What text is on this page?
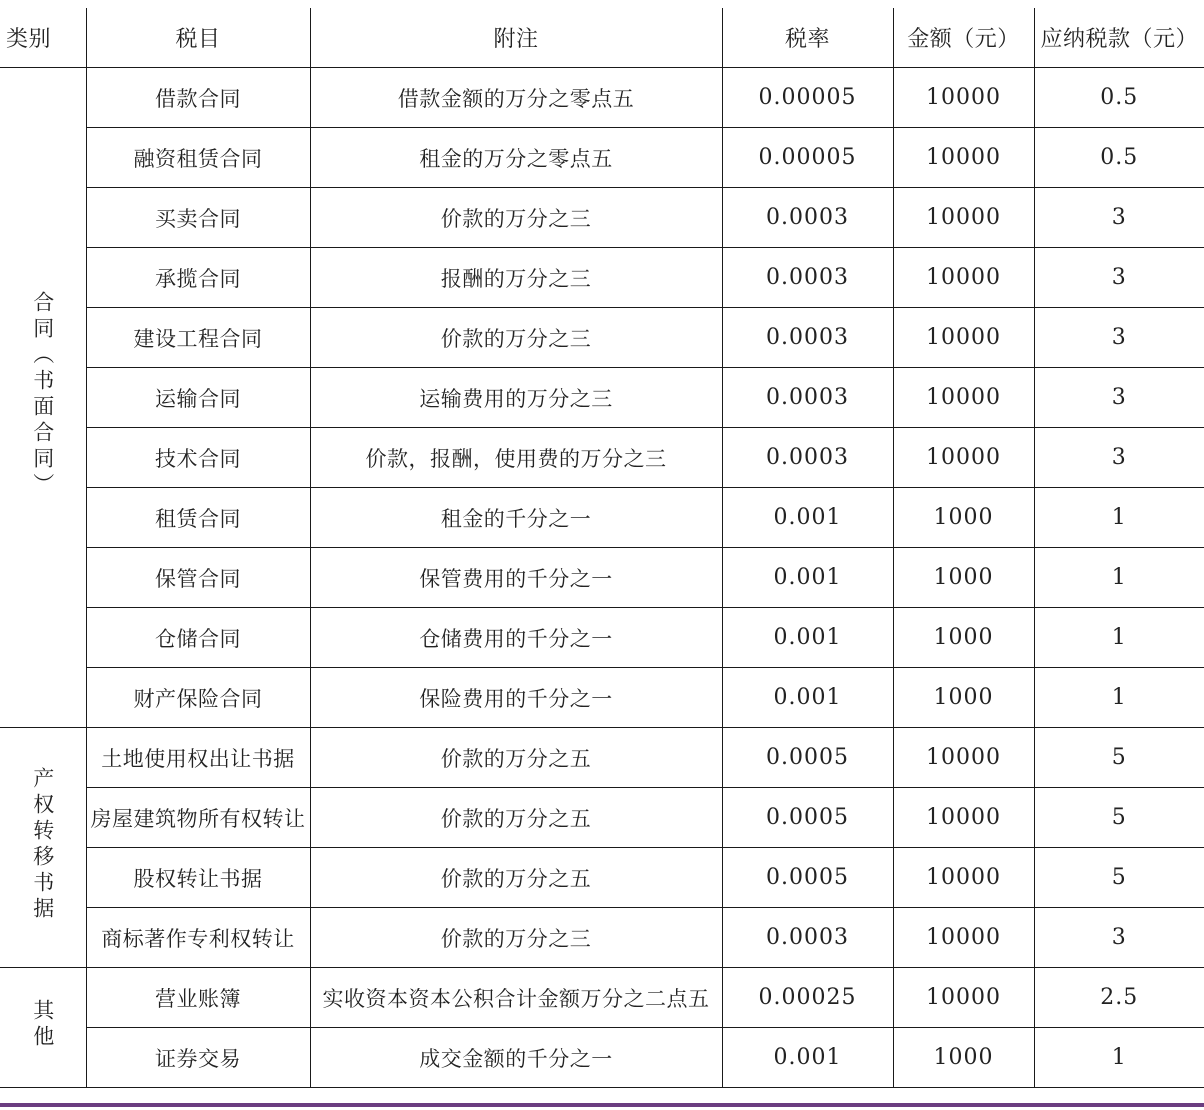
类别	税目	附注	税率	金额（元）	应纳税款（元）
合同（书面合同）	借款合同	借款金额的万分之零点五	0.00005	10000	0.5
	融资租赁合同	租金的万分之零点五	0.00005	10000	0.5
	买卖合同	价款的万分之三	0.0003	10000	3
	承揽合同	报酬的万分之三	0.0003	10000	3
	建设工程合同	价款的万分之三	0.0003	10000	3
	运输合同	运输费用的万分之三	0.0003	10000	3
	技术合同	价款，报酬，使用费的万分之三	0.0003	10000	3
	租赁合同	租金的千分之一	0.001	1000	1
	保管合同	保管费用的千分之一	0.001	1000	1
	仓储合同	仓储费用的千分之一	0.001	1000	1
	财产保险合同	保险费用的千分之一	0.001	1000	1
产权转移书据	土地使用权出让书据	价款的万分之五	0.0005	10000	5
	房屋建筑物所有权转让	价款的万分之五	0.0005	10000	5
	股权转让书据	价款的万分之五	0.0005	10000	5
	商标著作专利权转让	价款的万分之三	0.0003	10000	3
其他	营业账簿	实收资本资本公积合计金额万分之二点五	0.00025	10000	2.5
	证券交易	成交金额的千分之一	0.001	1000	1
